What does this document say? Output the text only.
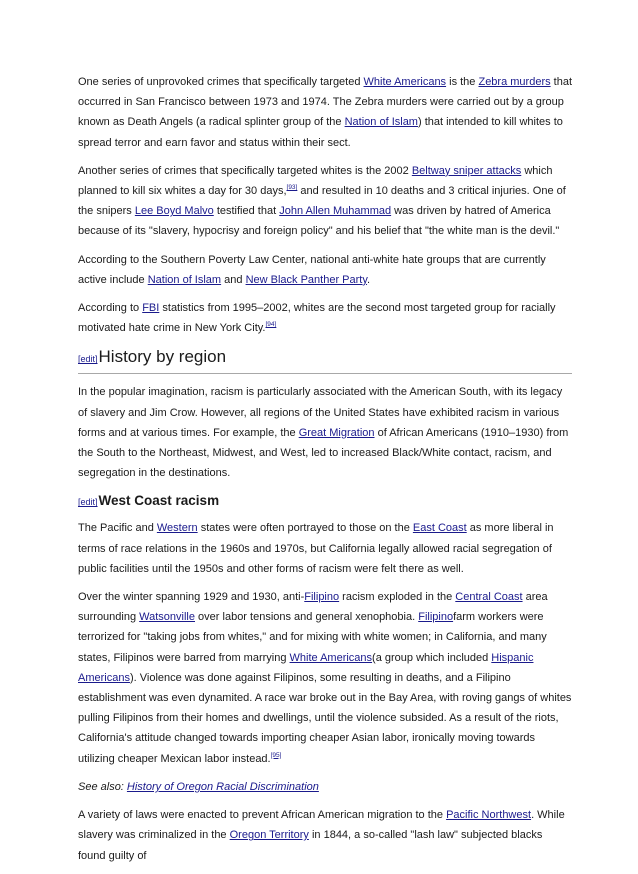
One series of unprovoked crimes that specifically targeted White Americans is the Zebra murders that occurred in San Francisco between 1973 and 1974. The Zebra murders were carried out by a group known as Death Angels (a radical splinter group of the Nation of Islam) that intended to kill whites to spread terror and earn favor and status within their sect.

Another series of crimes that specifically targeted whites is the 2002 Beltway sniper attacks which planned to kill six whites a day for 30 days,[93] and resulted in 10 deaths and 3 critical injuries. One of the snipers Lee Boyd Malvo testified that John Allen Muhammad was driven by hatred of America because of its "slavery, hypocrisy and foreign policy" and his belief that "the white man is the devil."

According to the Southern Poverty Law Center, national anti-white hate groups that are currently active include Nation of Islam and New Black Panther Party.

According to FBI statistics from 1995–2002, whites are the second most targeted group for racially motivated hate crime in New York City.[94]

[edit]History by region

In the popular imagination, racism is particularly associated with the American South, with its legacy of slavery and Jim Crow. However, all regions of the United States have exhibited racism in various forms and at various times. For example, the Great Migration of African Americans (1910–1930) from the South to the Northeast, Midwest, and West, led to increased Black/White contact, racism, and segregation in the destinations.

[edit]West Coast racism

The Pacific and Western states were often portrayed to those on the East Coast as more liberal in terms of race relations in the 1960s and 1970s, but California legally allowed racial segregation of public facilities until the 1950s and other forms of racism were felt there as well.

Over the winter spanning 1929 and 1930, anti-Filipino racism exploded in the Central Coast area surrounding Watsonville over labor tensions and general xenophobia. Filipinofarm workers were terrorized for "taking jobs from whites," and for mixing with white women; in California, and many states, Filipinos were barred from marrying White Americans(a group which included Hispanic Americans). Violence was done against Filipinos, some resulting in deaths, and a Filipino establishment was even dynamited. A race war broke out in the Bay Area, with roving gangs of whites pulling Filipinos from their homes and dwellings, until the violence subsided. As a result of the riots, California's attitude changed towards importing cheaper Asian labor, ironically moving towards utilizing cheaper Mexican labor instead.[95]

See also: History of Oregon Racial Discrimination

A variety of laws were enacted to prevent African American migration to the Pacific Northwest. While slavery was criminalized in the Oregon Territory in 1844, a so-called "lash law" subjected blacks found guilty of
